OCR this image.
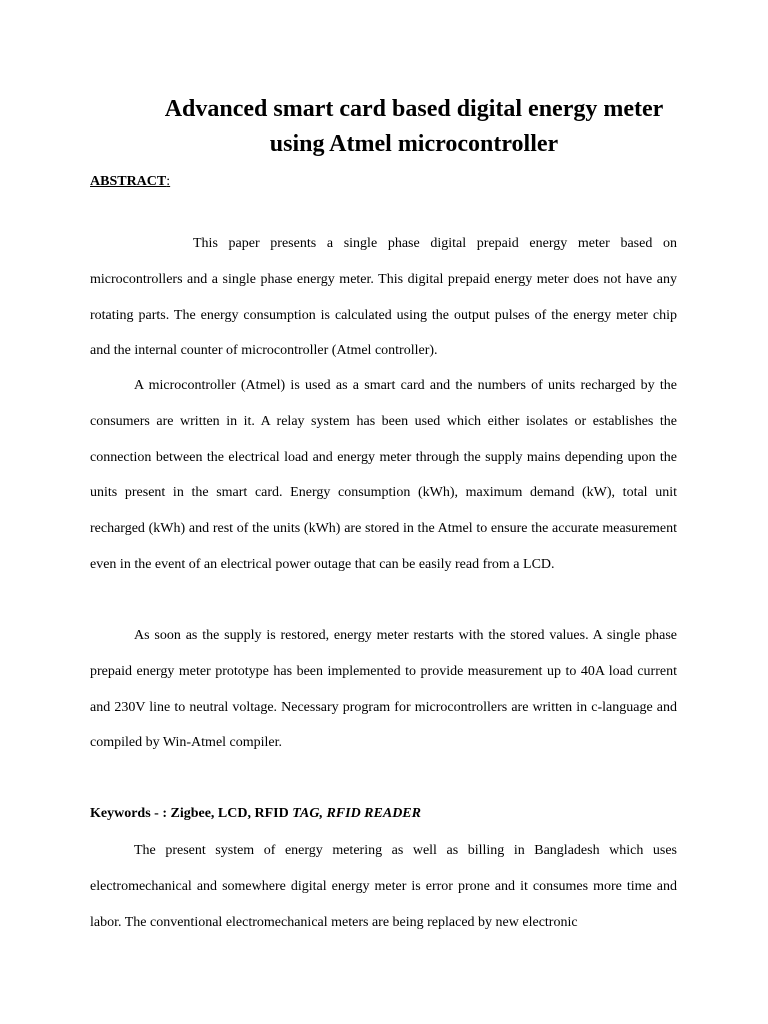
Advanced smart card based digital energy meter
using Atmel microcontroller

ABSTRACT:

This paper presents a single phase digital prepaid energy meter based on microcontrollers and a single phase energy meter. This digital prepaid energy meter does not have any rotating parts. The energy consumption is calculated using the output pulses of the energy meter chip and the internal counter of microcontroller (Atmel controller).

A microcontroller (Atmel) is used as a smart card and the numbers of units recharged by the consumers are written in it. A relay system has been used which either isolates or establishes the connection between the electrical load and energy meter through the supply mains depending upon the units present in the smart card. Energy consumption (kWh), maximum demand (kW), total unit recharged (kWh) and rest of the units (kWh) are stored in the Atmel to ensure the accurate measurement even in the event of an electrical power outage that can be easily read from a LCD.

As soon as the supply is restored, energy meter restarts with the stored values. A single phase prepaid energy meter prototype has been implemented to provide measurement up to 40A load current and 230V line to neutral voltage. Necessary program for microcontrollers are written in c-language and compiled by Win-Atmel compiler.

Keywords - : Zigbee, LCD, RFID TAG, RFID READER

The present system of energy metering as well as billing in Bangladesh which uses electromechanical and somewhere digital energy meter is error prone and it consumes more time and labor. The conventional electromechanical meters are being replaced by new electronic
